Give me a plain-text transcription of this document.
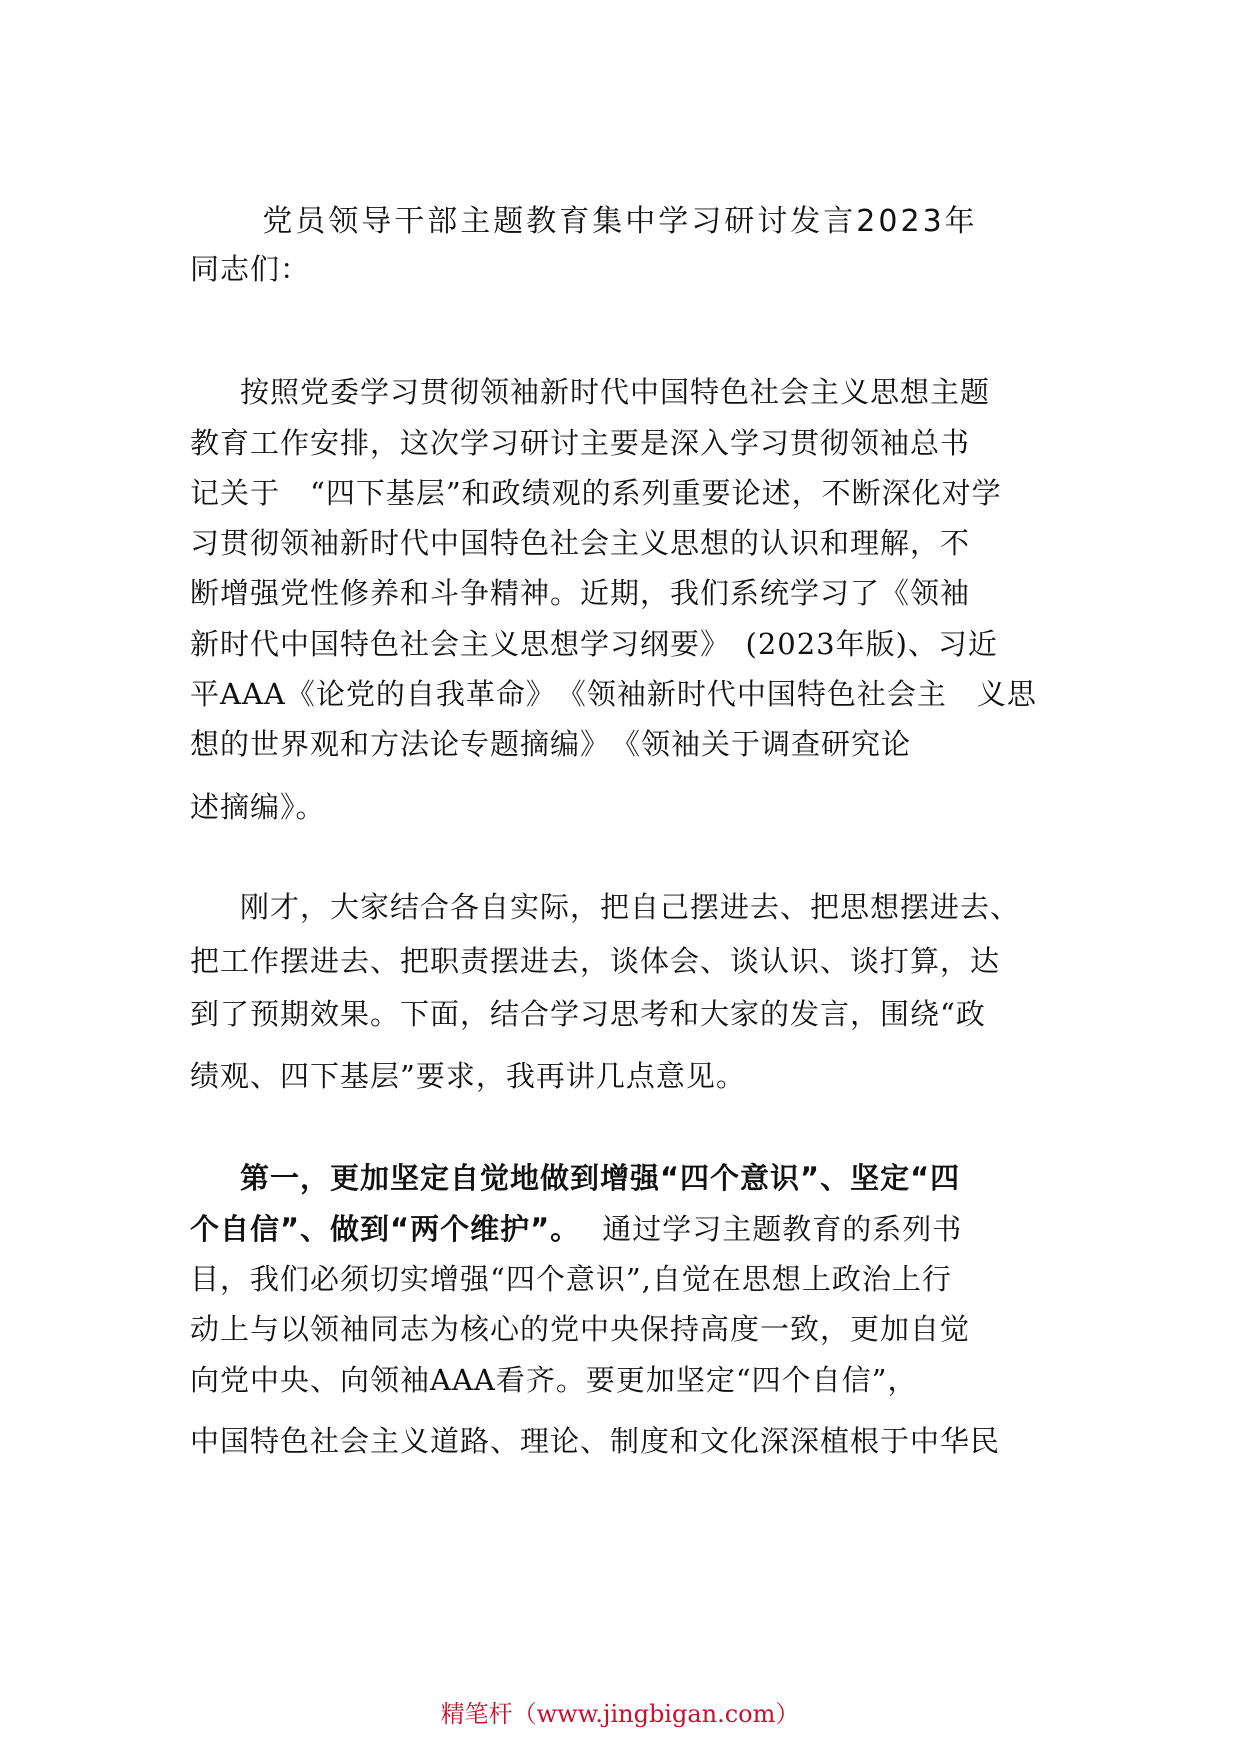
党员领导干部主题教育集中学习研讨发言2023年
同志们：
按照党委学习贯彻领袖新时代中国特色社会主义思想主题
教育工作安排，这次学习研讨主要是深入学习贯彻领袖总书
记关于　“四下基层”和政绩观的系列重要论述，不断深化对学
习贯彻领袖新时代中国特色社会主义思想的认识和理解，不
断增强党性修养和斗争精神。近期，我们系统学习了《领袖
新时代中国特色社会主义思想学习纲要》　(2023年版)、习近
平AAA《论党的自我革命》　《领袖新时代中国特色社会主　义思
想的世界观和方法论专题摘编》　《领袖关于调查研究论
述摘编》。
刚才，大家结合各自实际，把自己摆进去、把思想摆进去、
把工作摆进去、把职责摆进去，谈体会、谈认识、谈打算，达
到了预期效果。下面，结合学习思考和大家的发言，围绕“政
绩观、四下基层”要求，我再讲几点意见。
第一，更加坚定自觉地做到增强“四个意识”、坚定“四
个自信”、做到“两个维护”。 通过学习主题教育的系列书
目，我们必须切实增强“四个意识”,自觉在思想上政治上行
动上与以领袖同志为核心的党中央保持高度一致，更加自觉
向党中央、向领袖AAA看齐。要更加坚定“四个自信”，
中国特色社会主义道路、理论、制度和文化深深植根于中华民
精笔杆（www.jingbigan.com）
